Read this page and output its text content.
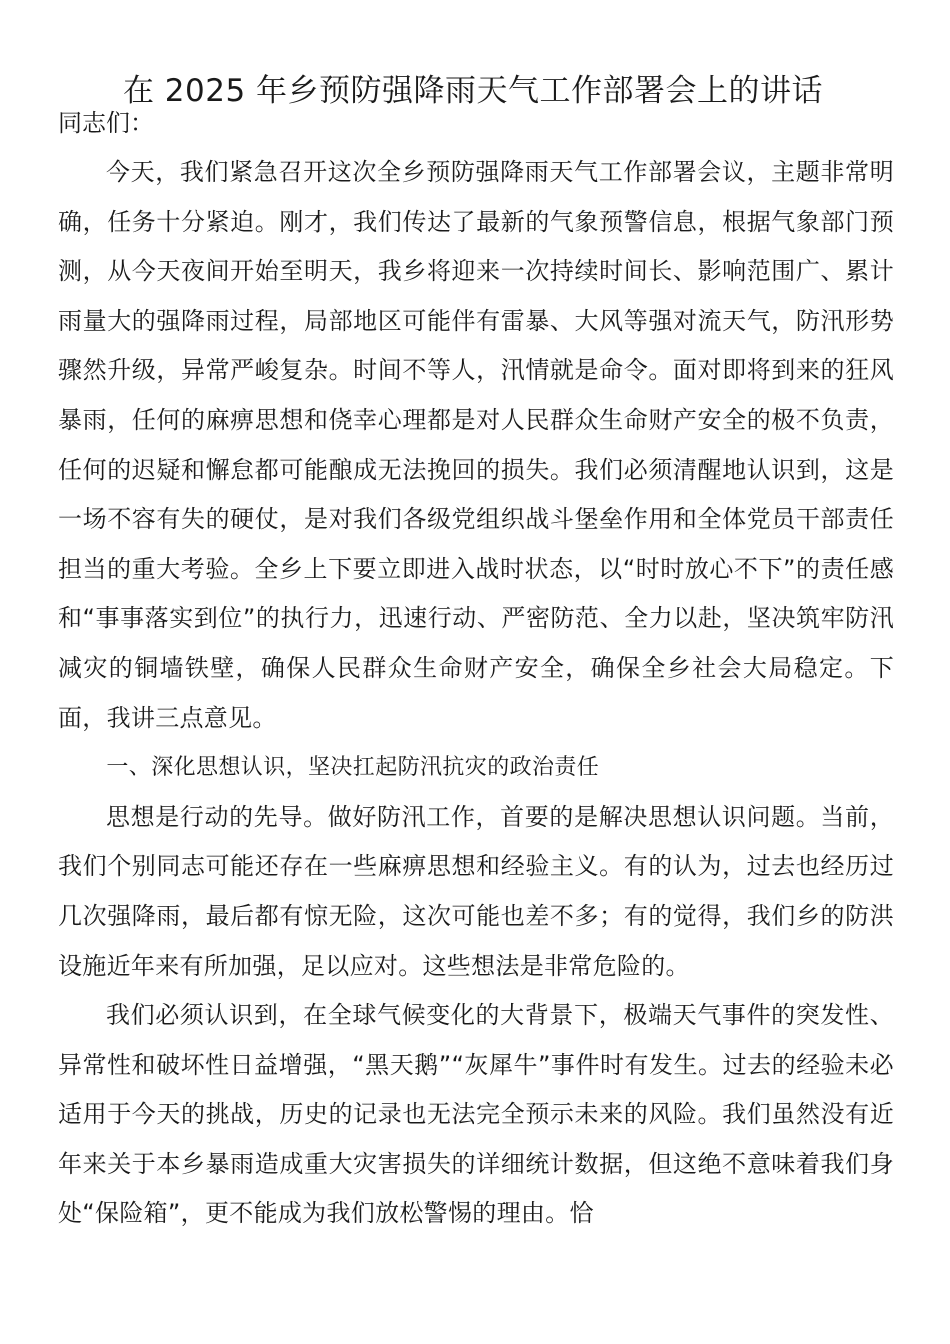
在 2025 年乡预防强降雨天气工作部署会上的讲话
同志们：

今天，我们紧急召开这次全乡预防强降雨天气工作部署会议，主题非常明确，任务十分紧迫。刚才，我们传达了最新的气象预警信息，根据气象部门预测，从今天夜间开始至明天，我乡将迎来一次持续时间长、影响范围广、累计雨量大的强降雨过程，局部地区可能伴有雷暴、大风等强对流天气，防汛形势骤然升级，异常严峻复杂。时间不等人，汛情就是命令。面对即将到来的狂风暴雨，任何的麻痹思想和侥幸心理都是对人民群众生命财产安全的极不负责，任何的迟疑和懈怠都可能酿成无法挽回的损失。我们必须清醒地认识到，这是一场不容有失的硬仗，是对我们各级党组织战斗堡垒作用和全体党员干部责任担当的重大考验。全乡上下要立即进入战时状态，以“时时放心不下”的责任感和“事事落实到位”的执行力，迅速行动、严密防范、全力以赴，坚决筑牢防汛减灾的铜墙铁壁，确保人民群众生命财产安全，确保全乡社会大局稳定。下面，我讲三点意见。

一、深化思想认识，坚决扛起防汛抗灾的政治责任

思想是行动的先导。做好防汛工作，首要的是解决思想认识问题。当前，我们个别同志可能还存在一些麻痹思想和经验主义。有的认为，过去也经历过几次强降雨，最后都有惊无险，这次可能也差不多；有的觉得，我们乡的防洪设施近年来有所加强，足以应对。这些想法是非常危险的。

我们必须认识到，在全球气候变化的大背景下，极端天气事件的突发性、异常性和破坏性日益增强，“黑天鹅”“灰犀牛”事件时有发生。过去的经验未必适用于今天的挑战，历史的记录也无法完全预示未来的风险。我们虽然没有近年来关于本乡暴雨造成重大灾害损失的详细统计数据，但这绝不意味着我们身处“保险箱”，更不能成为我们放松警惕的理由。恰
